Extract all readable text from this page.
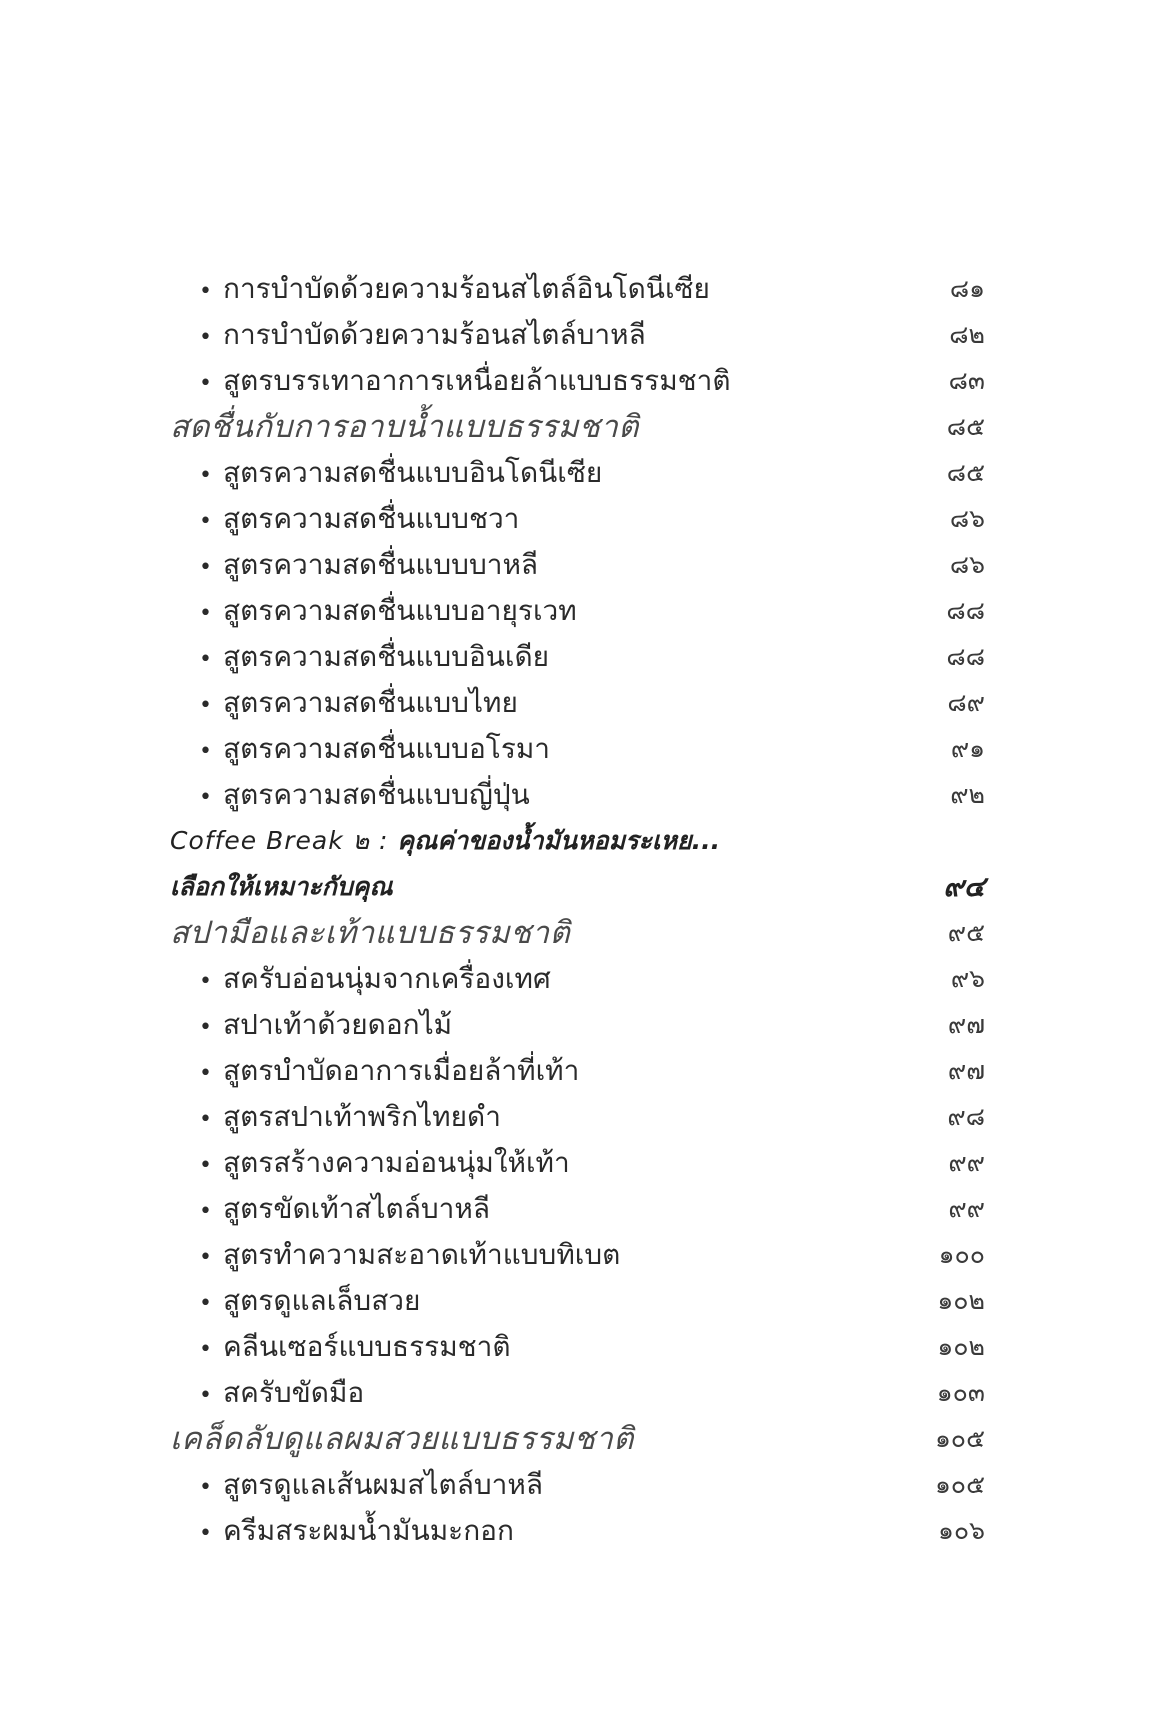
• การบำบัดด้วยความร้อนสไตล์อินโดนีเซีย	๘๑
• การบำบัดด้วยความร้อนสไตล์บาหลี	๘๒
• สูตรบรรเทาอาการเหนื่อยล้าแบบธรรมชาติ	๘๓
สดชื่นกับการอาบน้ำแบบธรรมชาติ	๘๕
• สูตรความสดชื่นแบบอินโดนีเซีย	๘๕
• สูตรความสดชื่นแบบชวา	๘๖
• สูตรความสดชื่นแบบบาหลี	๘๖
• สูตรความสดชื่นแบบอายุรเวท	๘๘
• สูตรความสดชื่นแบบอินเดีย	๘๘
• สูตรความสดชื่นแบบไทย	๘๙
• สูตรความสดชื่นแบบอโรมา	๙๑
• สูตรความสดชื่นแบบญี่ปุ่น	๙๒
Coffee Break ๒ : คุณค่าของน้ำมันหอมระเหย...
เลือกให้เหมาะกับคุณ	๙๔
สปามือและเท้าแบบธรรมชาติ	๙๕
• สครับอ่อนนุ่มจากเครื่องเทศ	๙๖
• สปาเท้าด้วยดอกไม้	๙๗
• สูตรบำบัดอาการเมื่อยล้าที่เท้า	๙๗
• สูตรสปาเท้าพริกไทยดำ	๙๘
• สูตรสร้างความอ่อนนุ่มให้เท้า	๙๙
• สูตรขัดเท้าสไตล์บาหลี	๙๙
• สูตรทำความสะอาดเท้าแบบทิเบต	๑๐๐
• สูตรดูแลเล็บสวย	๑๐๒
• คลีนเซอร์แบบธรรมชาติ	๑๐๒
• สครับขัดมือ	๑๐๓
เคล็ดลับดูแลผมสวยแบบธรรมชาติ	๑๐๕
• สูตรดูแลเส้นผมสไตล์บาหลี	๑๐๕
• ครีมสระผมน้ำมันมะกอก	๑๐๖
